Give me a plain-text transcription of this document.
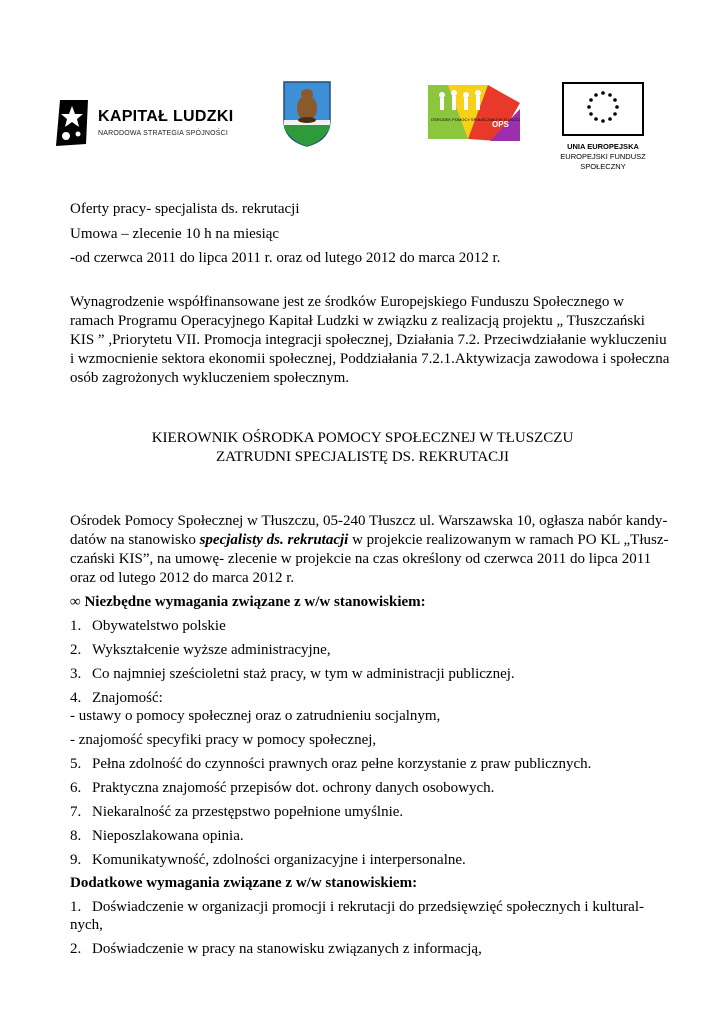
KAPITAŁ LUDZKI
NARODOWA STRATEGIA SPÓJNOŚCI
OŚRODEK POMOCY SPOŁECZNEJ W TŁUSZCZU
OPS
UNIA EUROPEJSKA
EUROPEJSKI FUNDUSZ
SPOŁECZNY
Oferty pracy- specjalista ds. rekrutacji
Umowa – zlecenie 10 h na miesiąc
-od czerwca 2011 do lipca 2011 r. oraz od lutego 2012 do marca 2012 r.
Wynagrodzenie współfinansowane jest ze środków Europejskiego Funduszu Społecznego w
ramach Programu Operacyjnego Kapitał Ludzki w związku z realizacją projektu „ Tłuszczański
KIS ” ,Priorytetu VII. Promocja integracji społecznej, Działania 7.2. Przeciwdziałanie wykluczeniu
i wzmocnienie sektora ekonomii społecznej, Poddziałania 7.2.1.Aktywizacja zawodowa i społeczna
osób zagrożonych wykluczeniem społecznym.
KIEROWNIK OŚRODKA POMOCY SPOŁECZNEJ W TŁUSZCZU
ZATRUDNI SPECJALISTĘ DS. REKRUTACJI
Ośrodek Pomocy Społecznej w Tłuszczu, 05-240 Tłuszcz ul. Warszawska 10, ogłasza nabór kandy-
datów na stanowisko specjalisty ds. rekrutacji w projekcie realizowanym w ramach PO KL „Tłusz-
czański KIS”, na umowę- zlecenie w projekcie na czas określony od czerwca 2011 do lipca 2011
oraz od lutego 2012 do marca 2012 r.
∞ Niezbędne wymagania związane z w/w stanowiskiem:
1. Obywatelstwo polskie
2. Wykształcenie wyższe administracyjne,
3. Co najmniej sześcioletni staż pracy, w tym w administracji publicznej.
4. Znajomość:
- ustawy o pomocy społecznej oraz o zatrudnieniu socjalnym,
- znajomość specyfiki pracy w pomocy społecznej,
5. Pełna zdolność do czynności prawnych oraz pełne korzystanie z praw publicznych.
6. Praktyczna znajomość przepisów dot. ochrony danych osobowych.
7. Niekaralność za przestępstwo popełnione umyślnie.
8. Nieposzlakowana opinia.
9. Komunikatywność, zdolności organizacyjne i interpersonalne.
Dodatkowe wymagania związane z w/w stanowiskiem:
1. Doświadczenie w organizacji promocji i rekrutacji do przedsięwzięć społecznych i kultural-
nych,
2. Doświadczenie w pracy na stanowisku związanych z informacją,
